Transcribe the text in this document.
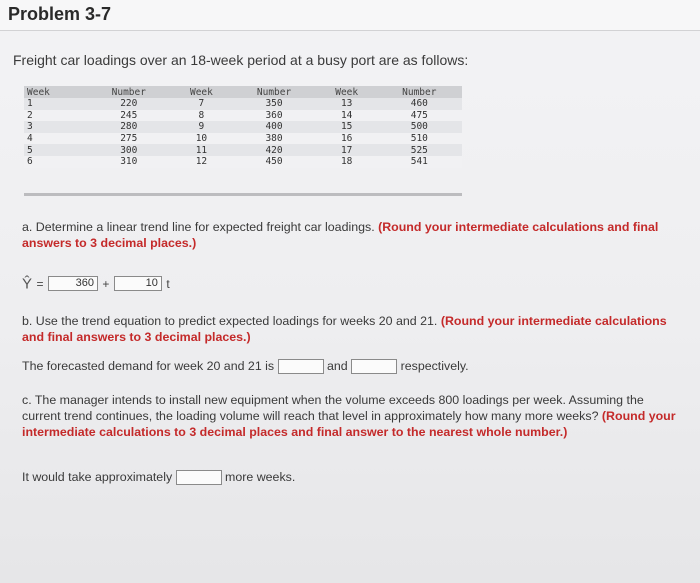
Problem 3-7
Freight car loadings over an 18-week period at a busy port are as follows:
Week	Number	Week	Number	Week	Number
1	220	7	350	13	460
2	245	8	360	14	475
3	280	9	400	15	500
4	275	10	380	16	510
5	300	11	420	17	525
6	310	12	450	18	541
a. Determine a linear trend line for expected freight car loadings. (Round your intermediate calculations and final answers to 3 decimal places.)
Ŷ =	360 +	10 t
b. Use the trend equation to predict expected loadings for weeks 20 and 21. (Round your intermediate calculations and final answers to 3 decimal places.)
The forecasted demand for week 20 and 21 is	and	respectively.
c. The manager intends to install new equipment when the volume exceeds 800 loadings per week. Assuming the current trend continues, the loading volume will reach that level in approximately how many more weeks? (Round your intermediate calculations to 3 decimal places and final answer to the nearest whole number.)
It would take approximately	more weeks.
